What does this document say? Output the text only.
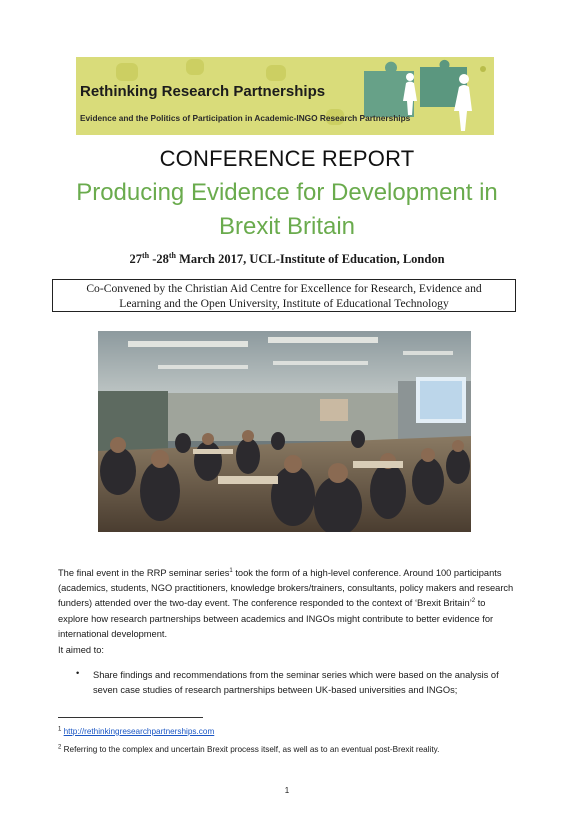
Rethinking Research Partnerships
Evidence and the Politics of Participation in Academic-INGO Research Partnerships
CONFERENCE REPORT
Producing Evidence for Development in
Brexit Britain
27th -28th March 2017, UCL-Institute of Education, London
Co-Convened by the Christian Aid Centre for Excellence for Research, Evidence and
Learning and the Open University, Institute of Educational Technology
The final event in the RRP seminar series$^1$ took the form of a high-level conference. Around 100 participants (academics, students, NGO practitioners, knowledge brokers/trainers, consultants, policy makers and research funders) attended over the two-day event. The conference responded to the context of ‘Brexit Britain’$^2$ to explore how research partnerships between academics and INGOs might contribute to better evidence for international development.
It aimed to:
• Share findings and recommendations from the seminar series which were based on the analysis of seven case studies of research partnerships between UK-based universities and INGOs;
$^1$ http://rethinkingresearchpartnerships.com
$^2$ Referring to the complex and uncertain Brexit process itself, as well as to an eventual post-Brexit reality.
1
